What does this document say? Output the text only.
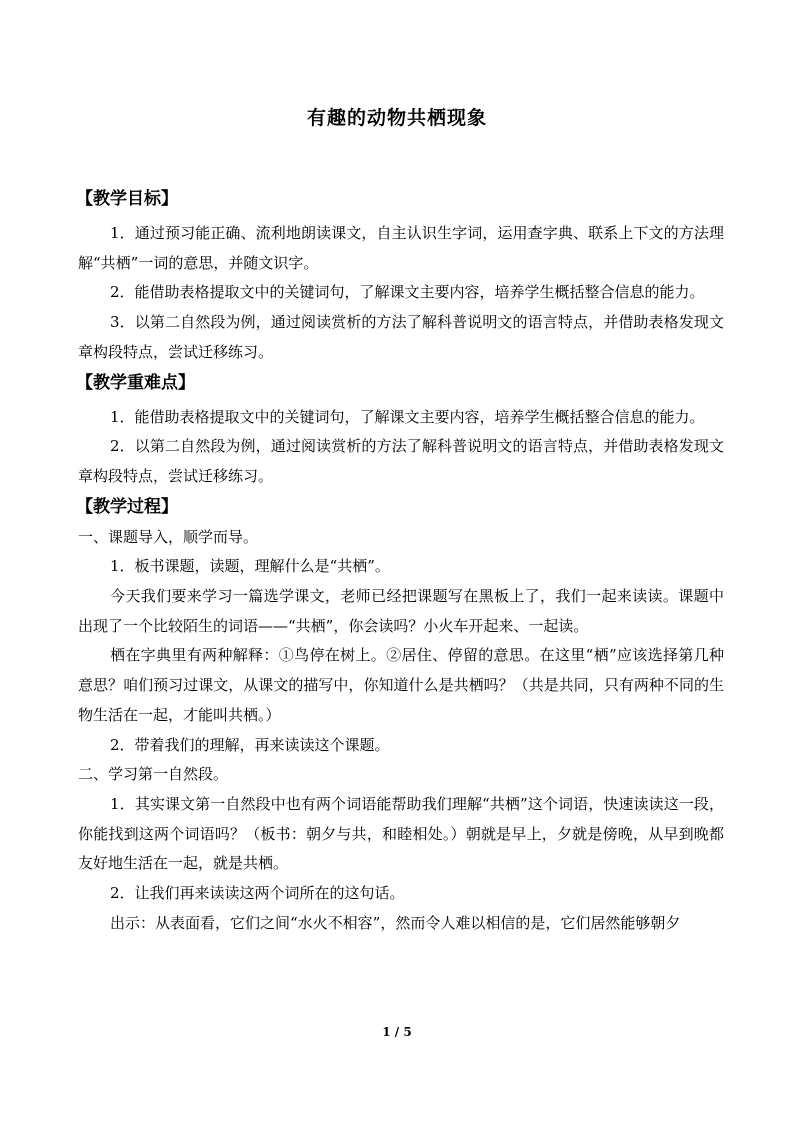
有趣的动物共栖现象
【教学目标】

1．通过预习能正确、流利地朗读课文，自主认识生字词，运用查字典、联系上下文的方法理解“共栖”一词的意思，并随文识字。

2．能借助表格提取文中的关键词句，了解课文主要内容，培养学生概括整合信息的能力。

3．以第二自然段为例，通过阅读赏析的方法了解科普说明文的语言特点，并借助表格发现文章构段特点，尝试迁移练习。

【教学重难点】

1．能借助表格提取文中的关键词句，了解课文主要内容，培养学生概括整合信息的能力。

2．以第二自然段为例，通过阅读赏析的方法了解科普说明文的语言特点，并借助表格发现文章构段特点，尝试迁移练习。

【教学过程】

一、课题导入，顺学而导。

1．板书课题，读题，理解什么是“共栖”。

今天我们要来学习一篇选学课文，老师已经把课题写在黑板上了，我们一起来读读。课题中出现了一个比较陌生的词语——“共栖”，你会读吗？小火车开起来、一起读。

栖在字典里有两种解释：①鸟停在树上。②居住、停留的意思。在这里“栖”应该选择第几种意思？咱们预习过课文，从课文的描写中，你知道什么是共栖吗？（共是共同，只有两种不同的生物生活在一起，才能叫共栖。）

2．带着我们的理解，再来读读这个课题。

二、学习第一自然段。

1．其实课文第一自然段中也有两个词语能帮助我们理解“共栖”这个词语，快速读读这一段，你能找到这两个词语吗？（板书：朝夕与共，和睦相处。）朝就是早上，夕就是傍晚，从早到晚都友好地生活在一起，就是共栖。

2．让我们再来读读这两个词所在的这句话。

出示：从表面看，它们之间“水火不相容”，然而令人难以相信的是，它们居然能够朝夕

1 / 5
